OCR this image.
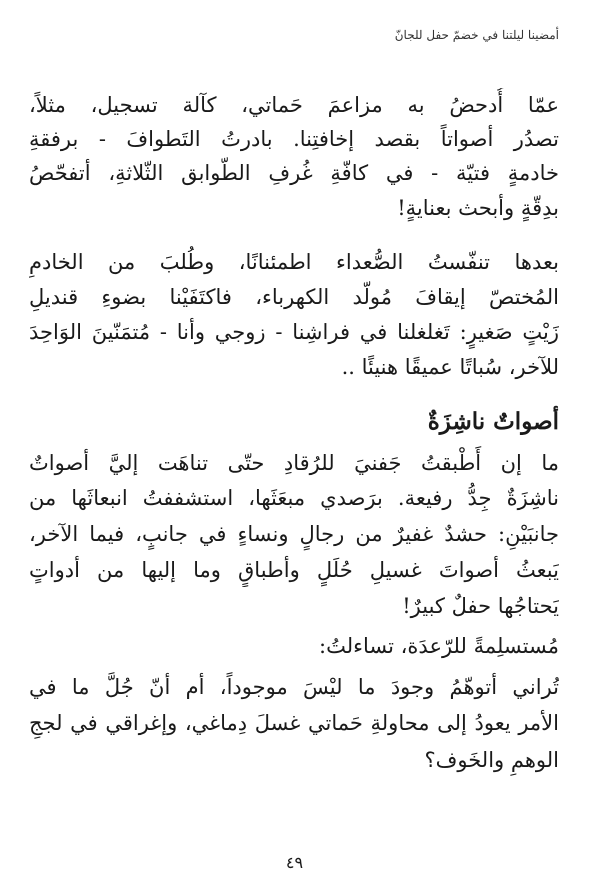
أمضينا ليلتنا في خضمّ حفل للجانّ
عمّا أُدحضُ به مزاعمَ حَماتي، كآلة تسجيل، مثلاً،
تصدُر أصواتاً بقصد إخافتِنا. بادرتُ التَطوافَ - برفقةِ
خادمةٍ فتيّة - في كافّةِ غُرفِ الطّوابق الثّلاثةِ، أتفحّصُ
بدِقّةٍ وأبحث بعنايةٍ!
بعدها تنفّستُ الصُّعداء اطمئنانًا، وطُلبَ من الخادمِ
المُختصّ إيقافَ مُولّد الكهرباء، فاكتَفَيْنا بضوءِ قنديلِ
زَيْتٍ صَغيرٍ: تَغلغلنا في فراشِنا - زوجي وأنا - مُتمَنّينَ الوَاحِدَ
للآخر، سُباتًا عميقًا هنيئًا ..
أصواتٌ ناشِزَةٌ
ما إن أَطْبقتُ جَفنيَ للرُقادِ حتّى تناهَت إليَّ أصواتٌ
ناشِزَةٌ جِدُّ رفيعة. برَصدي مبعَثَها، استشففتُ انبعاثَها من
جانبَيْنِ: حشدٌ غفيرٌ من رجالٍ ونساءٍ في جانبٍ، فيما الآخر،
يَبعثُ أصواتَ غسيلِ حُلَلٍ وأطباقٍ وما إليها من أدواتٍ
يَحتاجُها حفلٌ كبيرٌ!
مُستسلِمةً للرّعدَة، تساءلتُ:
تُراني أتوهّمُ وجودَ ما ليْسَ موجوداً، أم أنّ جُلَّ ما في
الأمر يعودُ إلى محاولةِ حَماتي غسلَ دِماغي، وإغراقي في لججِ
الوهمِ والخَوف؟
٤٩
